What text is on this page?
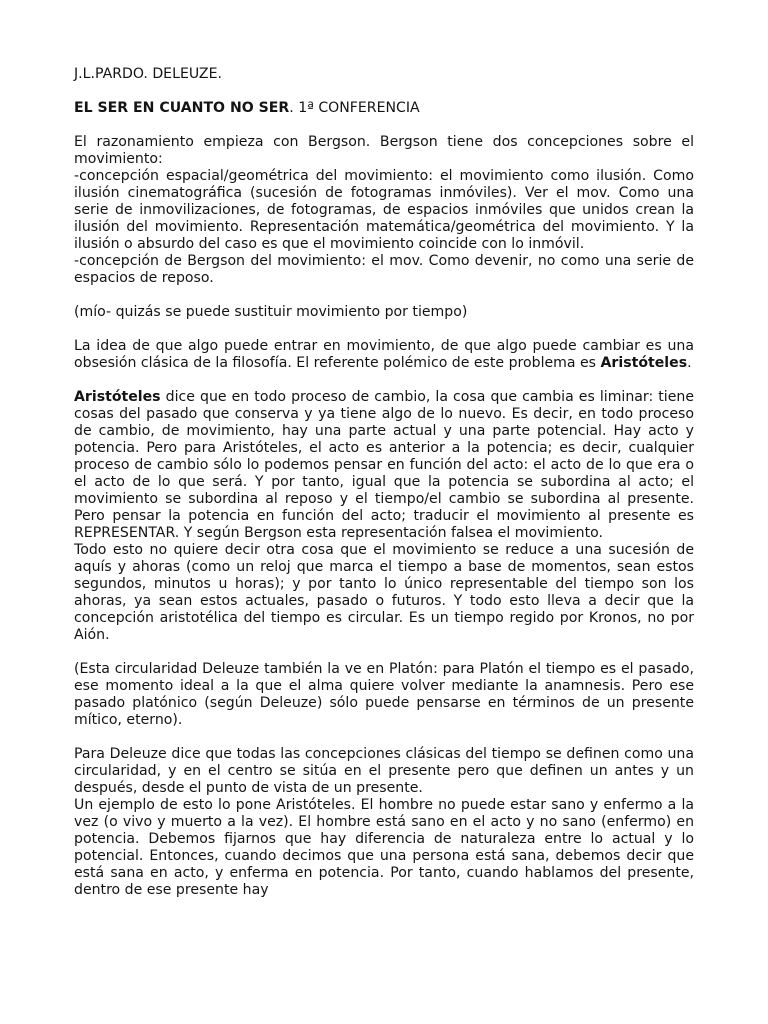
J.L.PARDO. DELEUZE.

EL SER EN CUANTO NO SER. 1ª CONFERENCIA

El razonamiento empieza con Bergson. Bergson tiene dos concepciones sobre el movimiento:

-concepción espacial/geométrica del movimiento: el movimiento como ilusión. Como ilusión cinematográfica (sucesión de fotogramas inmóviles). Ver el mov. Como una serie de inmovilizaciones, de fotogramas, de espacios inmóviles que unidos crean la ilusión del movimiento. Representación matemática/geométrica del movimiento. Y la ilusión o absurdo del caso es que el movimiento coincide con lo inmóvil.

-concepción de Bergson del movimiento: el mov. Como devenir, no como una serie de espacios de reposo.

(mío- quizás se puede sustituir movimiento por tiempo)

La idea de que algo puede entrar en movimiento, de que algo puede cambiar es una obsesión clásica de la filosofía. El referente polémico de este problema es Aristóteles.

Aristóteles dice que en todo proceso de cambio, la cosa que cambia es liminar: tiene cosas del pasado que conserva y ya tiene algo de lo nuevo. Es decir, en todo proceso de cambio, de movimiento, hay una parte actual y una parte potencial. Hay acto y potencia. Pero para Aristóteles, el acto es anterior a la potencia; es decir, cualquier proceso de cambio sólo lo podemos pensar en función del acto: el acto de lo que era o el acto de lo que será. Y por tanto, igual que la potencia se subordina al acto; el movimiento se subordina al reposo y el tiempo/el cambio se subordina al presente. Pero pensar la potencia en función del acto; traducir el movimiento al presente es REPRESENTAR. Y según Bergson esta representación falsea el movimiento.

Todo esto no quiere decir otra cosa que el movimiento se reduce a una sucesión de aquís y ahoras (como un reloj que marca el tiempo a base de momentos, sean estos segundos, minutos u horas); y por tanto lo único representable del tiempo son los ahoras, ya sean estos actuales, pasado o futuros. Y todo esto lleva a decir que la concepción aristotélica del tiempo es circular. Es un tiempo regido por Kronos, no por Aión.

(Esta circularidad Deleuze también la ve en Platón: para Platón el tiempo es el pasado, ese momento ideal a la que el alma quiere volver mediante la anamnesis. Pero ese pasado platónico (según Deleuze) sólo puede pensarse en términos de un presente mítico, eterno).

Para Deleuze dice que todas las concepciones clásicas del tiempo se definen como una circularidad, y en el centro se sitúa en el presente pero que definen un antes y un después, desde el punto de vista de un presente.

Un ejemplo de esto lo pone Aristóteles. El hombre no puede estar sano y enfermo a la vez (o vivo y muerto a la vez). El hombre está sano en el acto y no sano (enfermo) en potencia. Debemos fijarnos que hay diferencia de naturaleza entre lo actual y lo potencial. Entonces, cuando decimos que una persona está sana, debemos decir que está sana en acto, y enferma en potencia. Por tanto, cuando hablamos del presente, dentro de ese presente hay
